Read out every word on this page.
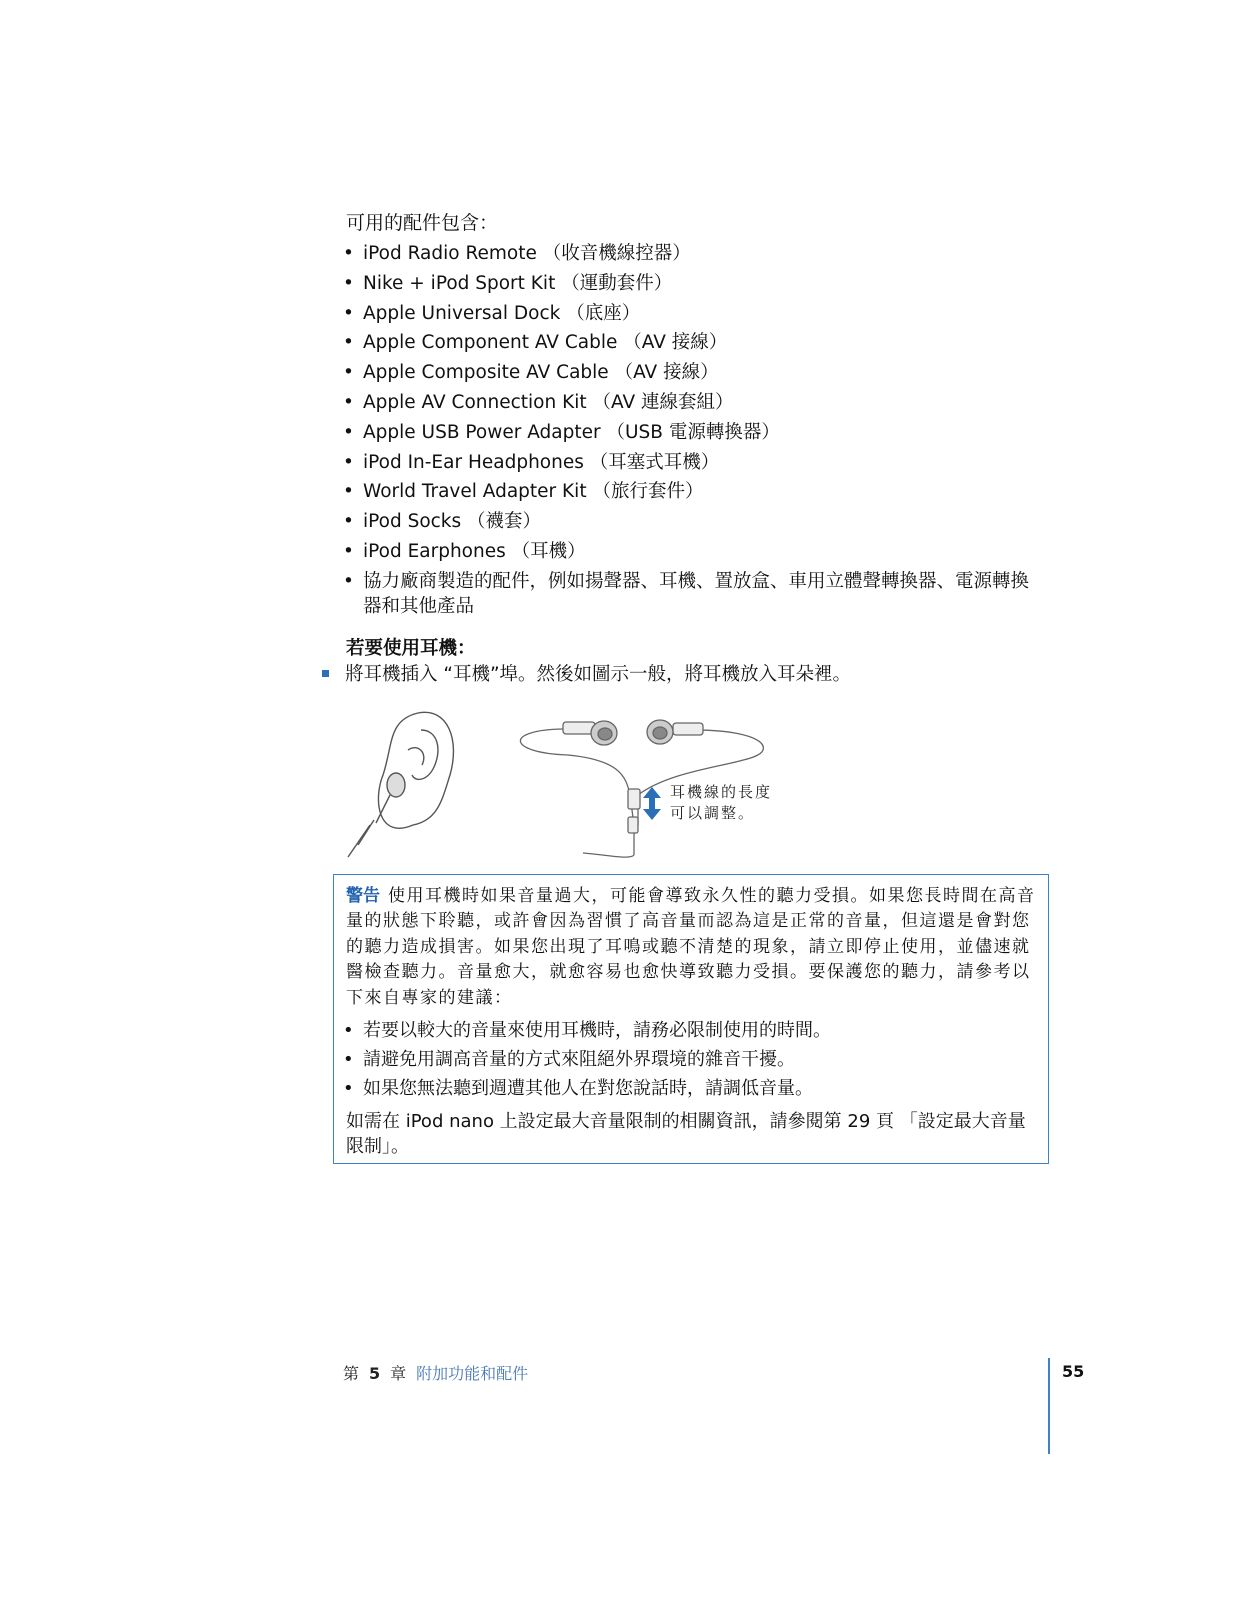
可用的配件包含：
• iPod Radio Remote （收音機線控器）
• Nike + iPod Sport Kit （運動套件）
• Apple Universal Dock （底座）
• Apple Component AV Cable （AV 接線）
• Apple Composite AV Cable （AV 接線）
• Apple AV Connection Kit （AV 連線套組）
• Apple USB Power Adapter （USB 電源轉換器）
• iPod In-Ear Headphones （耳塞式耳機）
• World Travel Adapter Kit （旅行套件）
• iPod Socks （襪套）
• iPod Earphones （耳機）
• 協力廠商製造的配件，例如揚聲器、耳機、置放盒、車用立體聲轉換器、電源轉換器和其他產品
若要使用耳機：
將耳機插入 “耳機”埠。然後如圖示一般，將耳機放入耳朵裡。
耳機線的長度
可以調整。
警告 使用耳機時如果音量過大，可能會導致永久性的聽力受損。如果您長時間在高音量的狀態下聆聽，或許會因為習慣了高音量而認為這是正常的音量，但這還是會對您的聽力造成損害。如果您出現了耳鳴或聽不清楚的現象，請立即停止使用，並儘速就醫檢查聽力。音量愈大，就愈容易也愈快導致聽力受損。要保護您的聽力，請參考以下來自專家的建議：
• 若要以較大的音量來使用耳機時，請務必限制使用的時間。
• 請避免用調高音量的方式來阻絕外界環境的雜音干擾。
• 如果您無法聽到週遭其他人在對您說話時，請調低音量。
如需在 iPod nano 上設定最大音量限制的相關資訊，請參閱第 29 頁 「設定最大音量限制」。
第 5 章 附加功能和配件	55
